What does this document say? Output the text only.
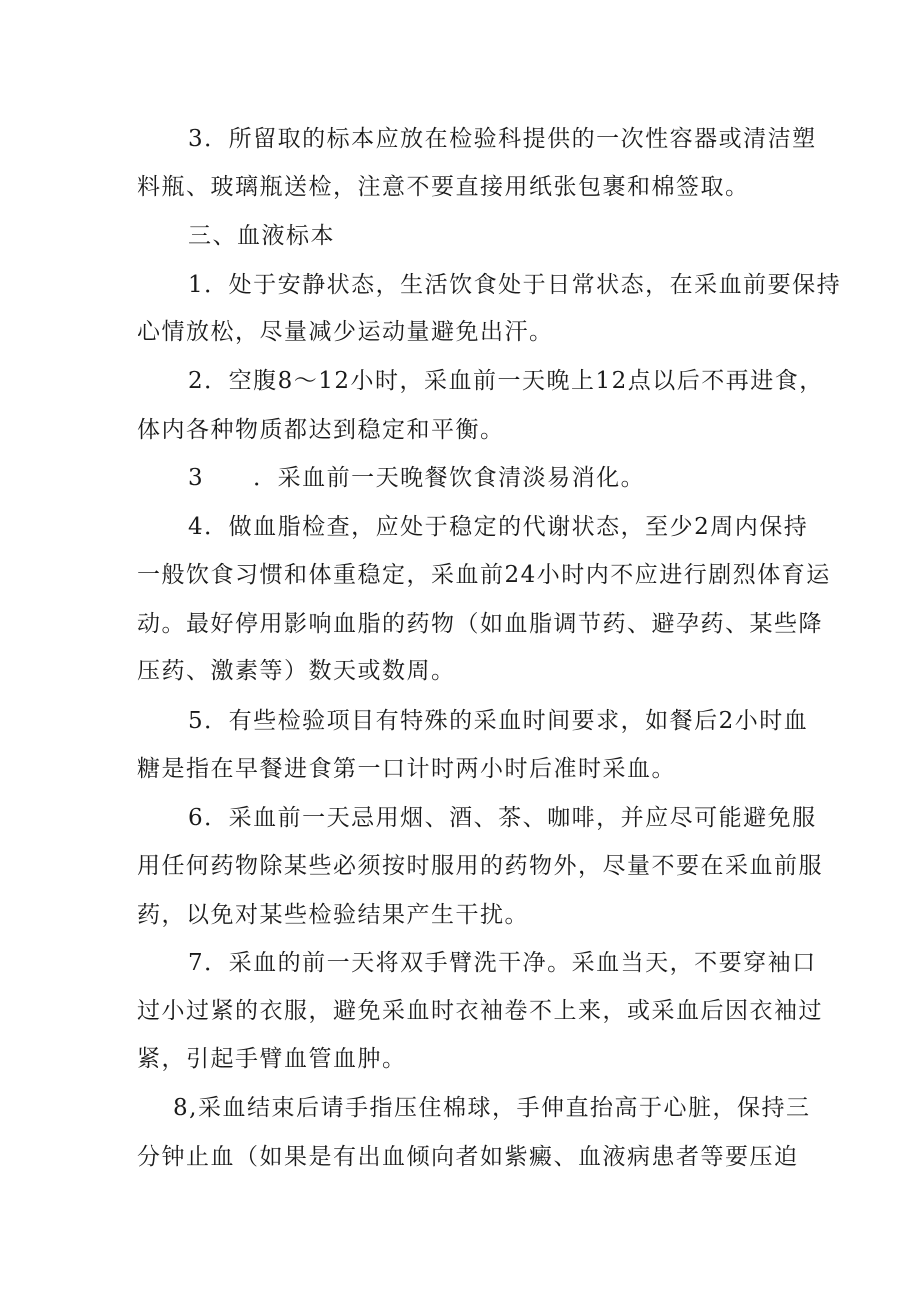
3．所留取的标本应放在检验科提供的一次性容器或清洁塑
料瓶、玻璃瓶送检，注意不要直接用纸张包裹和棉签取。
三、血液标本
1．处于安静状态，生活饮食处于日常状态，在采血前要保持
心情放松，尽量减少运动量避免出汗。
2．空腹8～12小时，采血前一天晚上12点以后不再进食，
体内各种物质都达到稳定和平衡。
3　　．采血前一天晚餐饮食清淡易消化。
4．做血脂检查，应处于稳定的代谢状态，至少2周内保持
一般饮食习惯和体重稳定，采血前24小时内不应进行剧烈体育运
动。最好停用影响血脂的药物（如血脂调节药、避孕药、某些降
压药、激素等）数天或数周。
5．有些检验项目有特殊的采血时间要求，如餐后2小时血
糖是指在早餐进食第一口计时两小时后准时采血。
6．采血前一天忌用烟、酒、茶、咖啡，并应尽可能避免服
用任何药物除某些必须按时服用的药物外，尽量不要在采血前服
药，以免对某些检验结果产生干扰。
7．采血的前一天将双手臂洗干净。采血当天，不要穿袖口
过小过紧的衣服，避免采血时衣袖卷不上来，或采血后因衣袖过
紧，引起手臂血管血肿。
8,采血结束后请手指压住棉球，手伸直抬高于心脏，保持三
分钟止血（如果是有出血倾向者如紫癜、血液病患者等要压迫
